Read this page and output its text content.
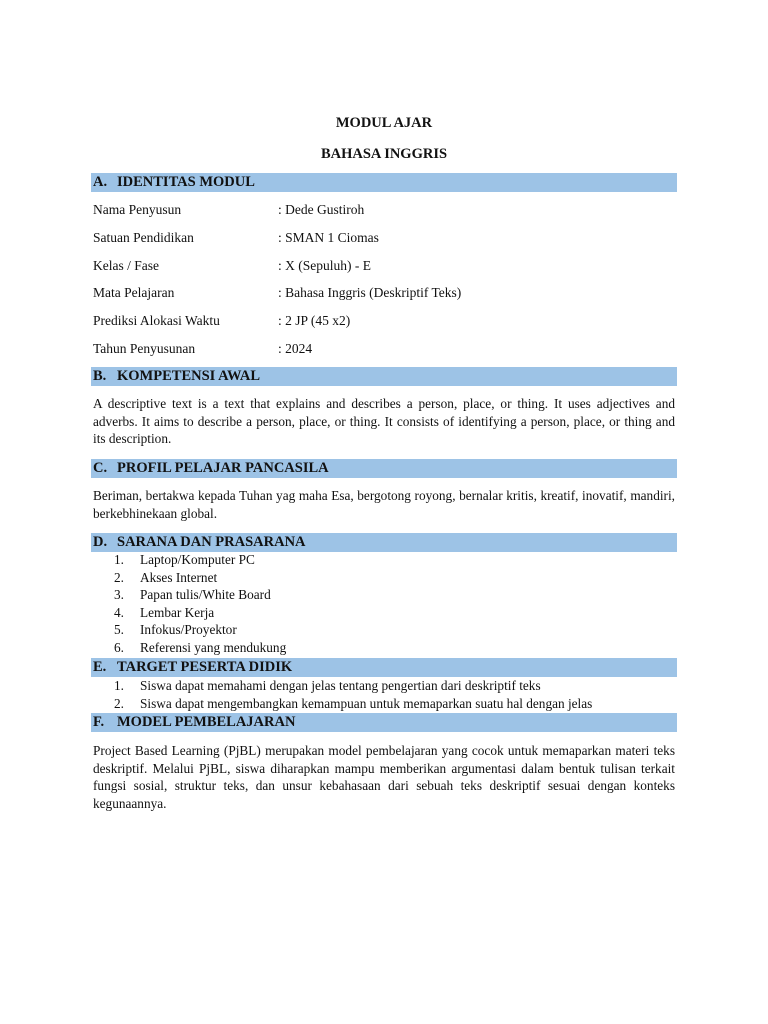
MODUL AJAR
BAHASA INGGRIS
A. IDENTITAS MODUL
Nama Penyusun	: Dede Gustiroh
Satuan Pendidikan	: SMAN 1 Ciomas
Kelas / Fase	: X (Sepuluh) - E
Mata Pelajaran	: Bahasa Inggris (Deskriptif Teks)
Prediksi Alokasi Waktu	: 2 JP (45 x2)
Tahun Penyusunan	: 2024
B. KOMPETENSI AWAL

A descriptive text is a text that explains and describes a person, place, or thing. It uses adjectives and adverbs. It aims to describe a person, place, or thing. It consists of identifying a person, place, or thing and its description.

C. PROFIL PELAJAR PANCASILA

Beriman, bertakwa kepada Tuhan yag maha Esa, bergotong royong, bernalar kritis, kreatif, inovatif, mandiri, berkebhinekaan global.

D. SARANA DAN PRASARANA
1. Laptop/Komputer PC
2. Akses Internet
3. Papan tulis/White Board
4. Lembar Kerja
5. Infokus/Proyektor
6. Referensi yang mendukung
E. TARGET PESERTA DIDIK
1. Siswa dapat memahami dengan jelas tentang pengertian dari deskriptif teks
2. Siswa dapat mengembangkan kemampuan untuk memaparkan suatu hal dengan jelas
F. MODEL PEMBELAJARAN

Project Based Learning (PjBL) merupakan model pembelajaran yang cocok untuk memaparkan materi teks deskriptif. Melalui PjBL, siswa diharapkan mampu memberikan argumentasi dalam bentuk tulisan terkait fungsi sosial, struktur teks, dan unsur kebahasaan dari sebuah teks deskriptif sesuai dengan konteks kegunaannya.
